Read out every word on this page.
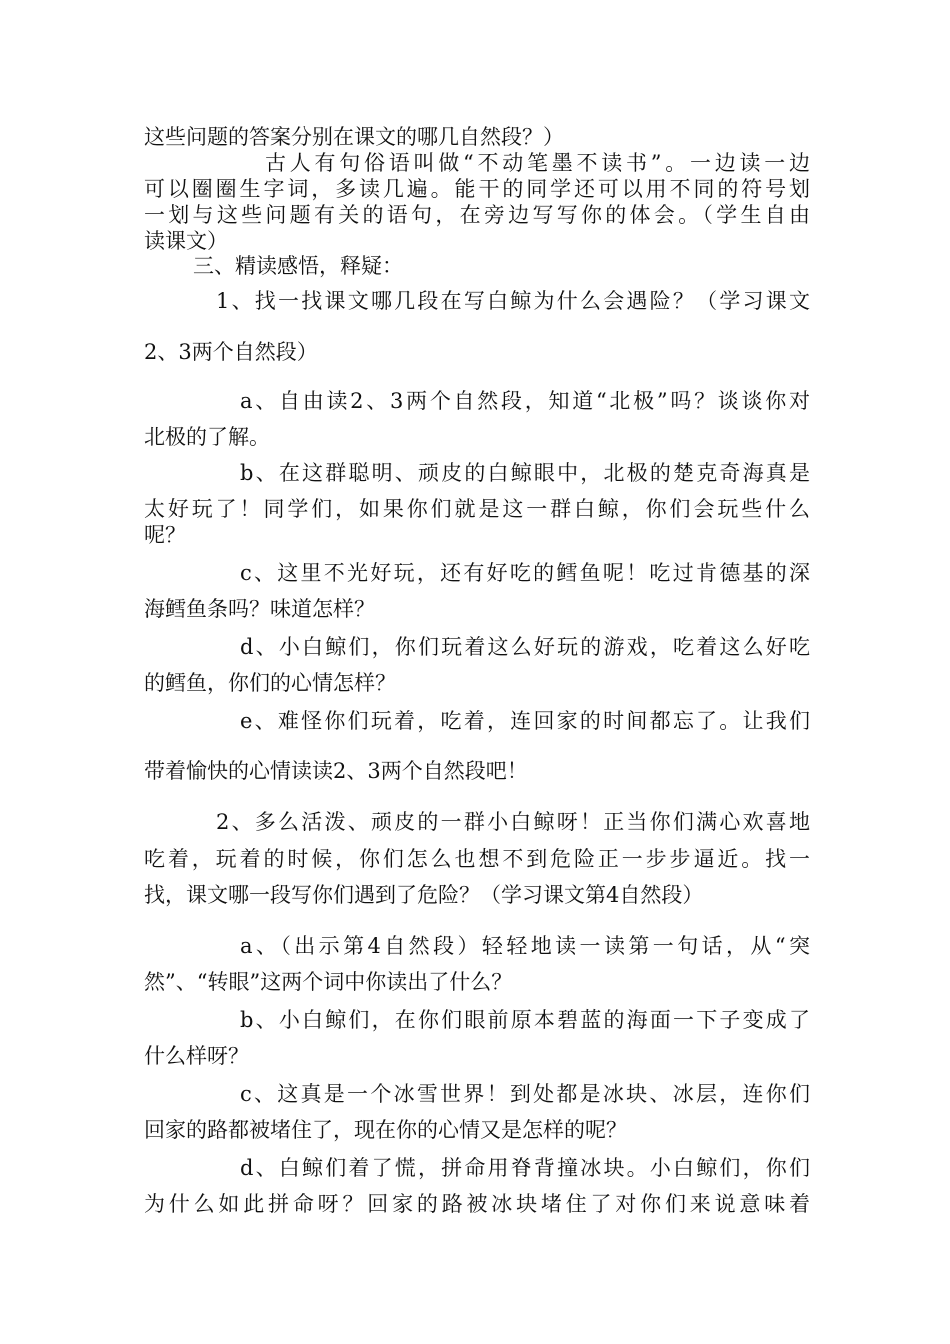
这些问题的答案分别在课文的哪几自然段？）
古人有句俗语叫做“不动笔墨不读书”。一边读一边
可以圈圈生字词，多读几遍。能干的同学还可以用不同的符号划
一划与这些问题有关的语句，在旁边写写你的体会。（学生自由
读课文）
三、精读感悟，释疑：
1、找一找课文哪几段在写白鲸为什么会遇险？（学习课文
2、3两个自然段）
a、自由读2、3两个自然段，知道“北极”吗？谈谈你对
北极的了解。
b、在这群聪明、顽皮的白鲸眼中，北极的楚克奇海真是
太好玩了！同学们，如果你们就是这一群白鲸，你们会玩些什么
呢？
c、这里不光好玩，还有好吃的鳕鱼呢！吃过肯德基的深
海鳕鱼条吗？味道怎样？
d、小白鲸们，你们玩着这么好玩的游戏，吃着这么好吃
的鳕鱼，你们的心情怎样？
e、难怪你们玩着，吃着，连回家的时间都忘了。让我们
带着愉快的心情读读2、3两个自然段吧！
2、多么活泼、顽皮的一群小白鲸呀！正当你们满心欢喜地
吃着，玩着的时候，你们怎么也想不到危险正一步步逼近。找一
找，课文哪一段写你们遇到了危险？（学习课文第4自然段）
a、（出示第4自然段）轻轻地读一读第一句话，从“突
然”、“转眼”这两个词中你读出了什么？
b、小白鲸们，在你们眼前原本碧蓝的海面一下子变成了
什么样呀？
c、这真是一个冰雪世界！到处都是冰块、冰层，连你们
回家的路都被堵住了，现在你的心情又是怎样的呢？
d、白鲸们着了慌，拼命用脊背撞冰块。小白鲸们，你们
为什么如此拼命呀？回家的路被冰块堵住了对你们来说意味着
